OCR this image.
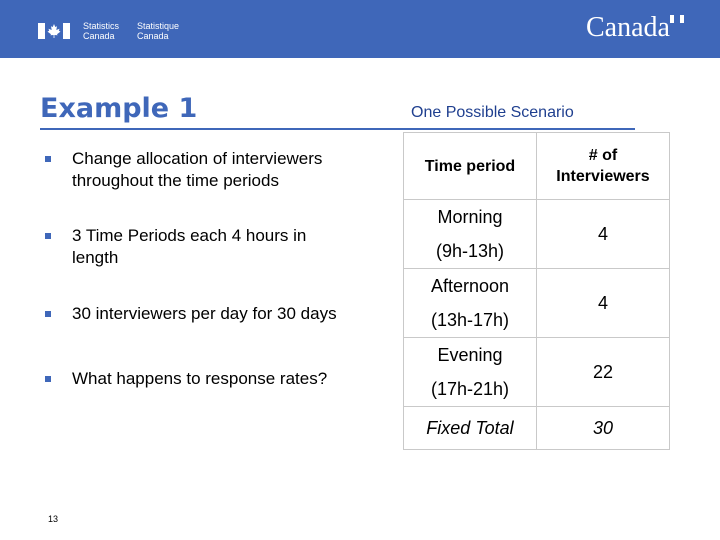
Statistics
Canada
Statistique
Canada	Canada
Example 1	One Possible Scenario
Change allocation of interviewers
throughout the time periods
3 Time Periods each 4 hours in
length
30 interviewers per day for 30 days
What happens to response rates?
Time period	# of
Interviewers
Morning
(9h-13h)	4
Afternoon
(13h-17h)	4
Evening
(17h-21h)	22
Fixed Total	30
13
